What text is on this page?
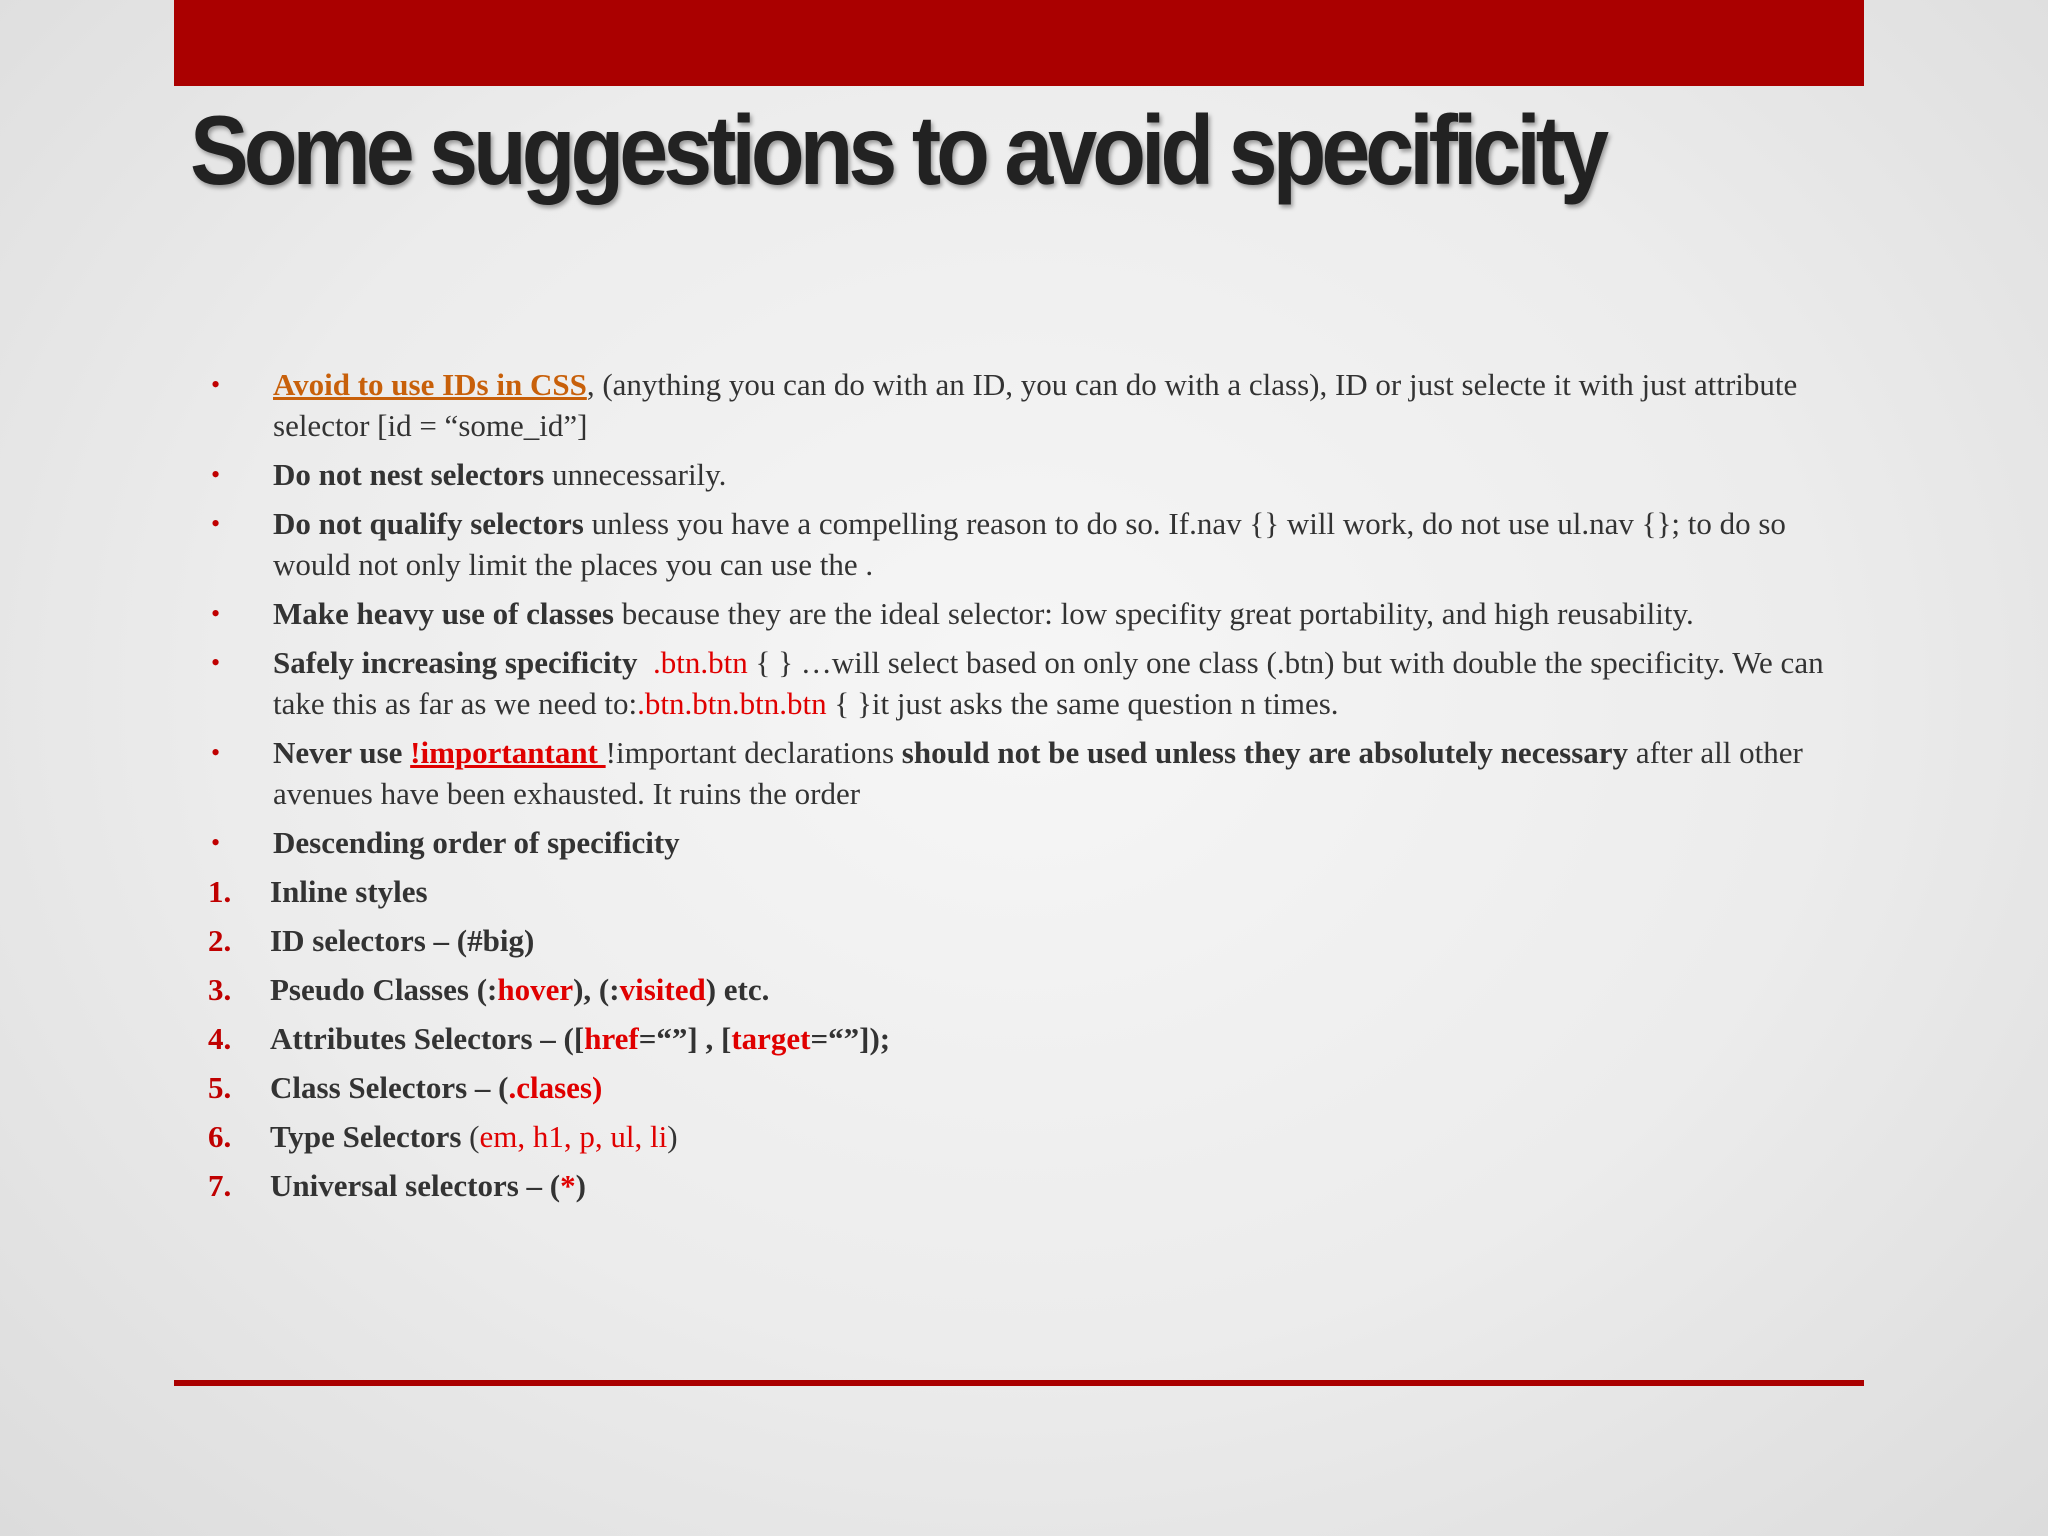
Some suggestions to avoid specificity
•	Avoid to use IDs in CSS, (anything you can do with an ID, you can do with a class), ID or just selecte it with just attribute selector [id = “some_id”]
•	Do not nest selectors unnecessarily.
•	Do not qualify selectors unless you have a compelling reason to do so. If.nav {} will work, do not use ul.nav {}; to do so would not only limit the places you can use the .
•	Make heavy use of classes because they are the ideal selector: low specifity great portability, and high reusability.
•	Safely increasing specificity .btn.btn { } …will select based on only one class (.btn) but with double the specificity. We can take this as far as we need to:.btn.btn.btn.btn { }it just asks the same question n times.
•	Never use !importantant !important declarations should not be used unless they are absolutely necessary after all other avenues have been exhausted. It ruins the order
•	Descending order of specificity
1.	Inline styles
2.	ID selectors – (#big)
3.	Pseudo Classes (:hover), (:visited) etc.
4.	Attributes Selectors – ([href=“”] , [target=“”]);
5.	Class Selectors – (.clases)
6.	Type Selectors (em, h1, p, ul, li)
7.	Universal selectors – (*)
